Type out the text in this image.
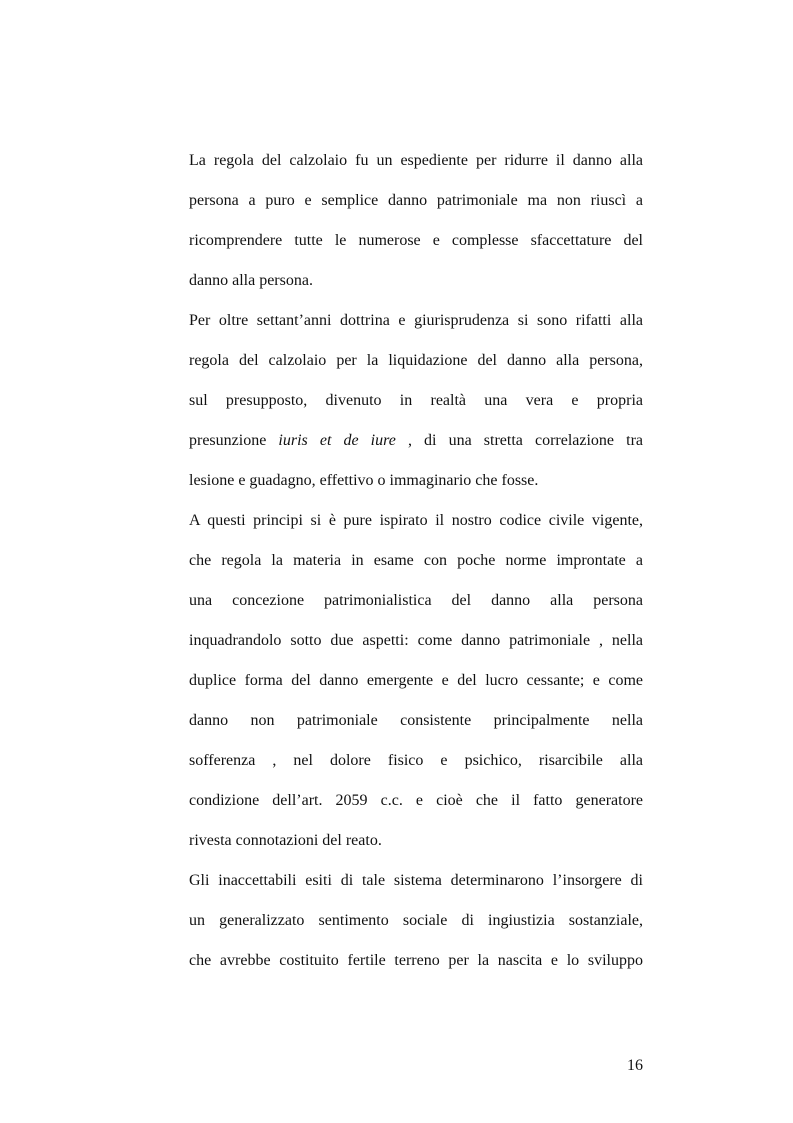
La regola del calzolaio fu un espediente per ridurre il danno alla
persona a puro e semplice danno patrimoniale ma non riuscì a
ricomprendere tutte le numerose e complesse sfaccettature del
danno alla persona.
Per oltre settant’anni dottrina e giurisprudenza si sono rifatti alla
regola del calzolaio per la liquidazione del danno alla persona,
sul presupposto, divenuto in realtà una vera e propria
presunzione iuris et de iure , di una stretta correlazione tra
lesione e guadagno, effettivo o immaginario che fosse.
A questi principi si è pure ispirato il nostro codice civile vigente,
che regola la materia in esame con poche norme improntate a
una concezione patrimonialistica del danno alla persona
inquadrandolo sotto due aspetti: come danno patrimoniale , nella
duplice forma del danno emergente e del lucro cessante; e come
danno non patrimoniale consistente principalmente nella
sofferenza , nel dolore fisico e psichico, risarcibile alla
condizione dell’art. 2059 c.c. e cioè che il fatto generatore
rivesta connotazioni del reato.
Gli inaccettabili esiti di tale sistema determinarono l’insorgere di
un generalizzato sentimento sociale di ingiustizia sostanziale,
che avrebbe costituito fertile terreno per la nascita e lo sviluppo
16
